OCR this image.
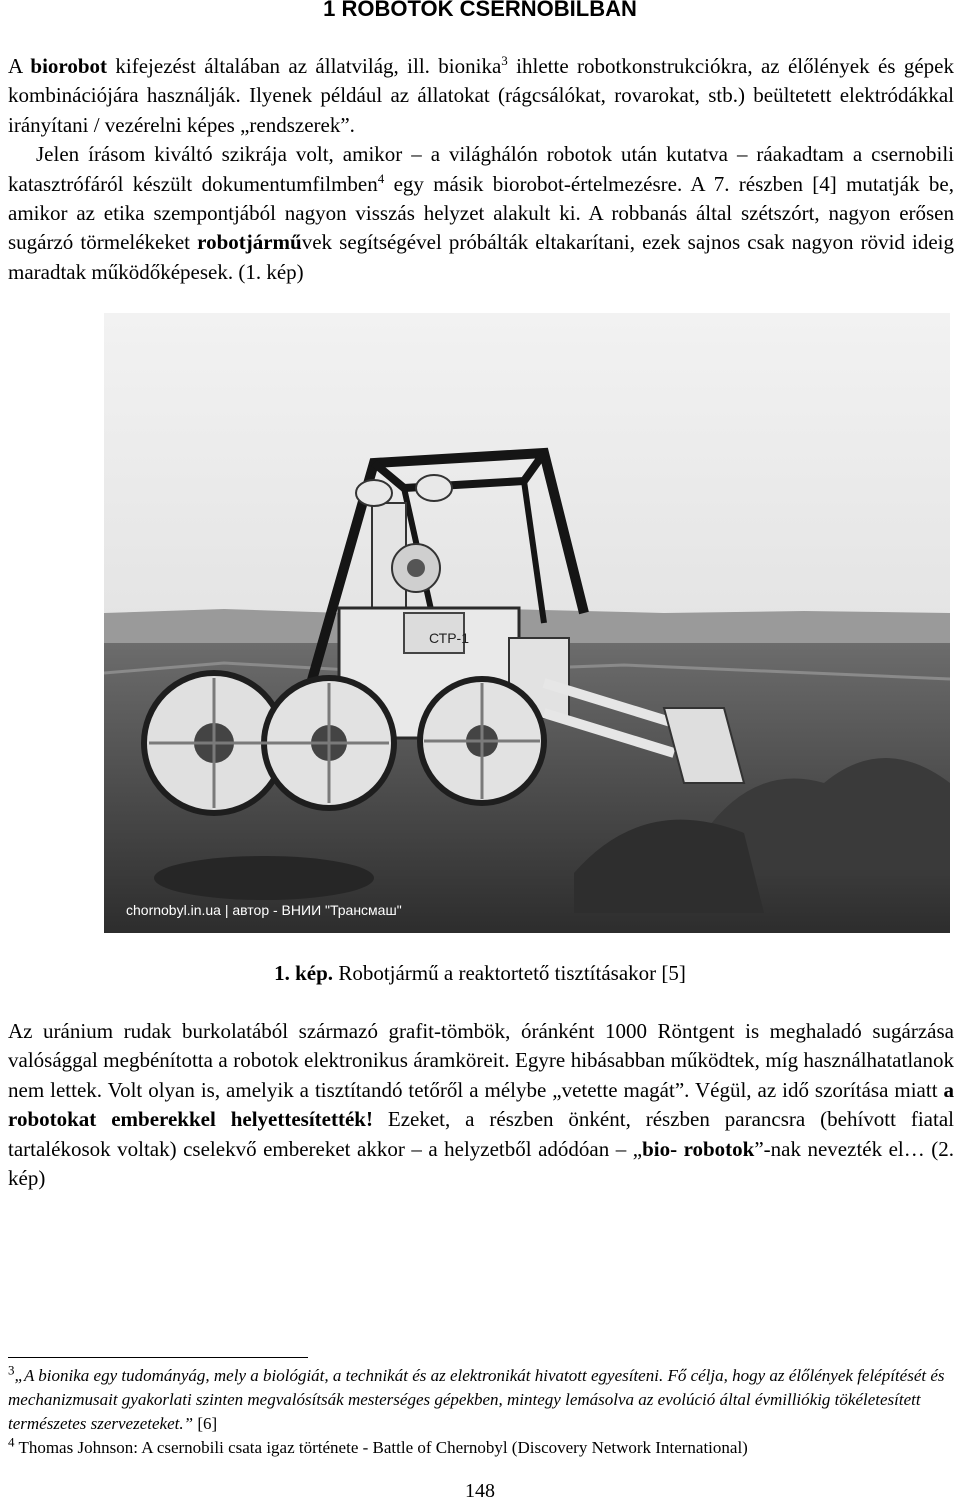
1 ROBOTOK CSERNOBILBAN

A biorobot kifejezést általában az állatvilág, ill. bionika$^3$ ihlette robotkonstrukciókra, az élőlények és gépek kombinációjára használják. Ilyenek például az állatokat (rágcsálókat, rovarokat, stb.) beültetett elektródákkal irányítani / vezérelni képes „rendszerek”.
Jelen írásom kiváltó szikrája volt, amikor – a világhálón robotok után kutatva – ráakadtam a csernobili katasztrófáról készült dokumentumfilmben$^4$ egy másik biorobot-értelmezésre. A 7. részben [4] mutatják be, amikor az etika szempontjából nagyon visszás helyzet alakult ki. A robbanás által szétszórt, nagyon erősen sugárzó törmelékeket robotjárművek segítségével próbálták eltakarítani, ezek sajnos csak nagyon rövid ideig maradtak működőképesek. (1. kép)

СТР-1
chornobyl.in.ua | автор - ВНИИ "Трансмаш"
1. kép. Robotjármű a reaktortető tisztításakor [5]

Az uránium rudak burkolatából származó grafit-tömbök, óránként 1000 Röntgent is meghaladó sugárzása valósággal megbénította a robotok elektronikus áramköreit. Egyre hibásabban működtek, míg használhatatlanok nem lettek. Volt olyan is, amelyik a tisztítandó tetőről a mélybe „vetette magát”. Végül, az idő szorítása miatt a robotokat emberekkel helyettesítették! Ezeket, a részben önként, részben parancsra (behívott fiatal tartalékosok voltak) cselekvő embereket akkor – a helyzetből adódóan – „bio- robotok”-nak nevezték el… (2. kép)

$^3$„A bionika egy tudományág, mely a biológiát, a technikát és az elektronikát hivatott egyesíteni. Fő célja, hogy az élőlények felépítését és mechanizmusait gyakorlati szinten megvalósítsák mesterséges gépekben, mintegy lemásolva az evolúció által évmilliókig tökéletesített természetes szervezeteket.” [6]

$^4$ Thomas Johnson: A csernobili csata igaz története - Battle of Chernobyl (Discovery Network International)

148
